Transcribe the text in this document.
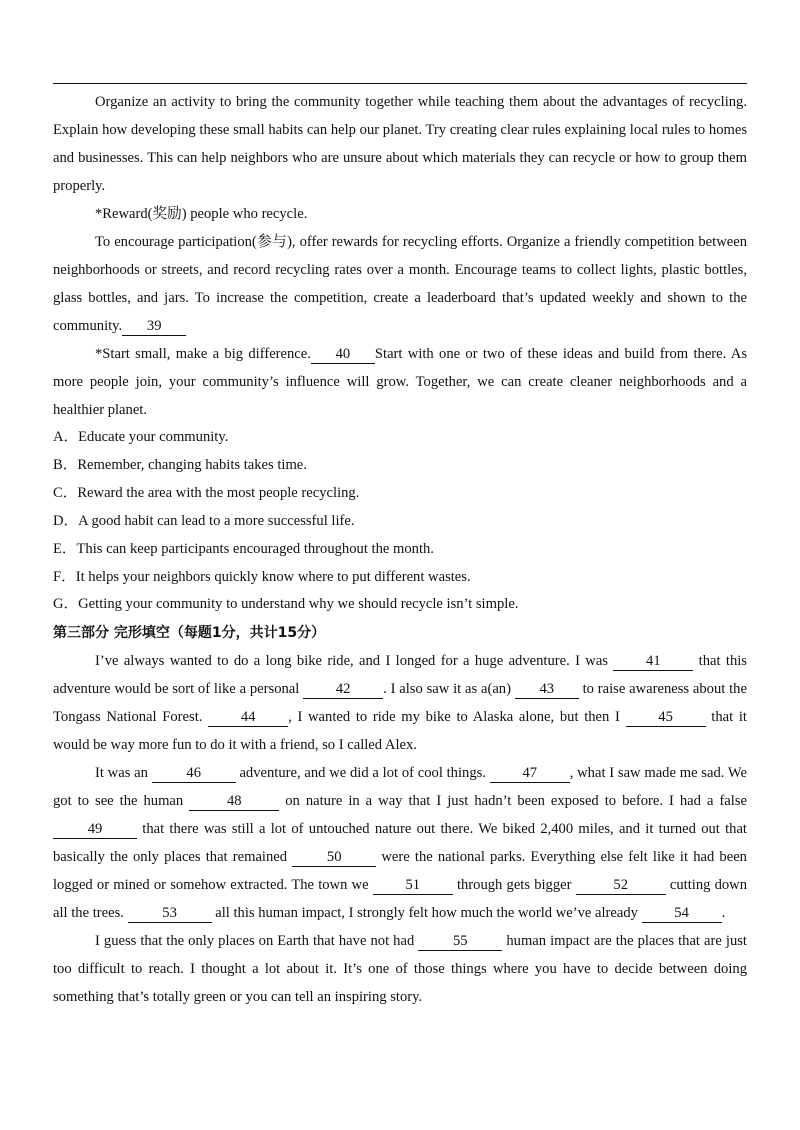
Organize an activity to bring the community together while teaching them about the advantages of recycling. Explain how developing these small habits can help our planet. Try creating clear rules explaining local rules to homes and businesses. This can help neighbors who are unsure about which materials they can recycle or how to group them properly.

*Reward(奖励) people who recycle.

To encourage participation(参与), offer rewards for recycling efforts. Organize a friendly competition between neighborhoods or streets, and record recycling rates over a month. Encourage teams to collect lights, plastic bottles, glass bottles, and jars. To increase the competition, create a leaderboard that’s updated weekly and shown to the community. 39

*Start small, make a big difference. 40 Start with one or two of these ideas and build from there. As more people join, your community’s influence will grow. Together, we can create cleaner neighborhoods and a healthier planet.

A．Educate your community.

B．Remember, changing habits takes time.

C．Reward the area with the most people recycling.

D．A good habit can lead to a more successful life.

E．This can keep participants encouraged throughout the month.

F．It helps your neighbors quickly know where to put different wastes.

G．Getting your community to understand why we should recycle isn’t simple.

第三部分 完形填空（每题1分，共计15分）

I’ve always wanted to do a long bike ride, and I longed for a huge adventure. I was	41	that this adventure would be sort of like a personal	42 . I also saw it as a(an) 43 to raise awareness about the Tongass National Forest.	44 , I wanted to ride my bike to Alaska alone, but then I	45	that it would be way more fun to do it with a friend, so I called Alex.

It was an	46	adventure, and we did a lot of cool things. 47 , what I saw made me sad. We got to see the human	48	on nature in a way that I just hadn’t been exposed to before. I had a false 49	that there was still a lot of untouched nature out there. We biked 2,400 miles, and it turned out that basically the only places that remained	50	were the national parks. Everything else felt like it had been logged or mined or somehow extracted. The town we	51	through gets bigger	52	cutting down all the trees.	53	all this human impact, I strongly felt how much the world we’ve already 54 .

I guess that the only places on Earth that have not had	55	human impact are the places that are just too difficult to reach. I thought a lot about it. It’s one of those things where you have to decide between doing something that’s totally green or you can tell an inspiring story.
